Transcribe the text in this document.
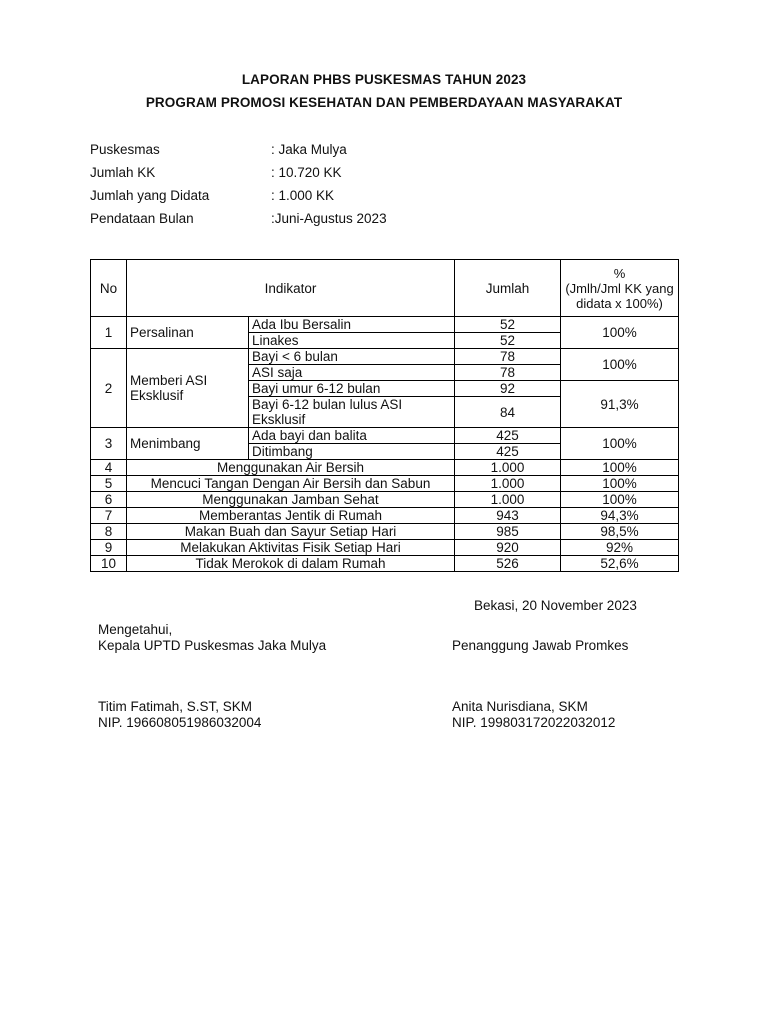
LAPORAN PHBS PUSKESMAS TAHUN 2023
PROGRAM PROMOSI KESEHATAN DAN PEMBERDAYAAN MASYARAKAT
Puskesmas	: Jaka Mulya
Jumlah KK	: 10.720 KK
Jumlah yang Didata	: 1.000 KK
Pendataan Bulan	:Juni-Agustus 2023
No	Indikator		Jumlah	%
(Jmlh/Jml KK yang didata x 100%)

1	Persalinan	Ada Ibu Bersalin	52	100%
		Linakes	52	
2	Memberi ASI Eksklusif	Bayi < 6 bulan	78	100%
		ASI saja	78	
		Bayi umur 6-12 bulan	92	91,3%
		Bayi 6-12 bulan lulus ASI Eksklusif	84	
3	Menimbang	Ada bayi dan balita	425	100%
		Ditimbang	425	
4	Menggunakan Air Bersih		1.000	100%
5	Mencuci Tangan Dengan Air Bersih dan Sabun		1.000	100%
6	Menggunakan Jamban Sehat		1.000	100%
7	Memberantas Jentik di Rumah		943	94,3%
8	Makan Buah dan Sayur Setiap Hari		985	98,5%
9	Melakukan Aktivitas Fisik Setiap Hari		920	92%
10	Tidak Merokok di dalam Rumah		526	52,6%
Bekasi, 20 November 2023
Mengetahui,
Kepala UPTD Puskesmas Jaka Mulya	Penanggung Jawab Promkes
Titim Fatimah, S.ST, SKM
NIP. 196608051986032004
Anita Nurisdiana, SKM
NIP. 199803172022032012
